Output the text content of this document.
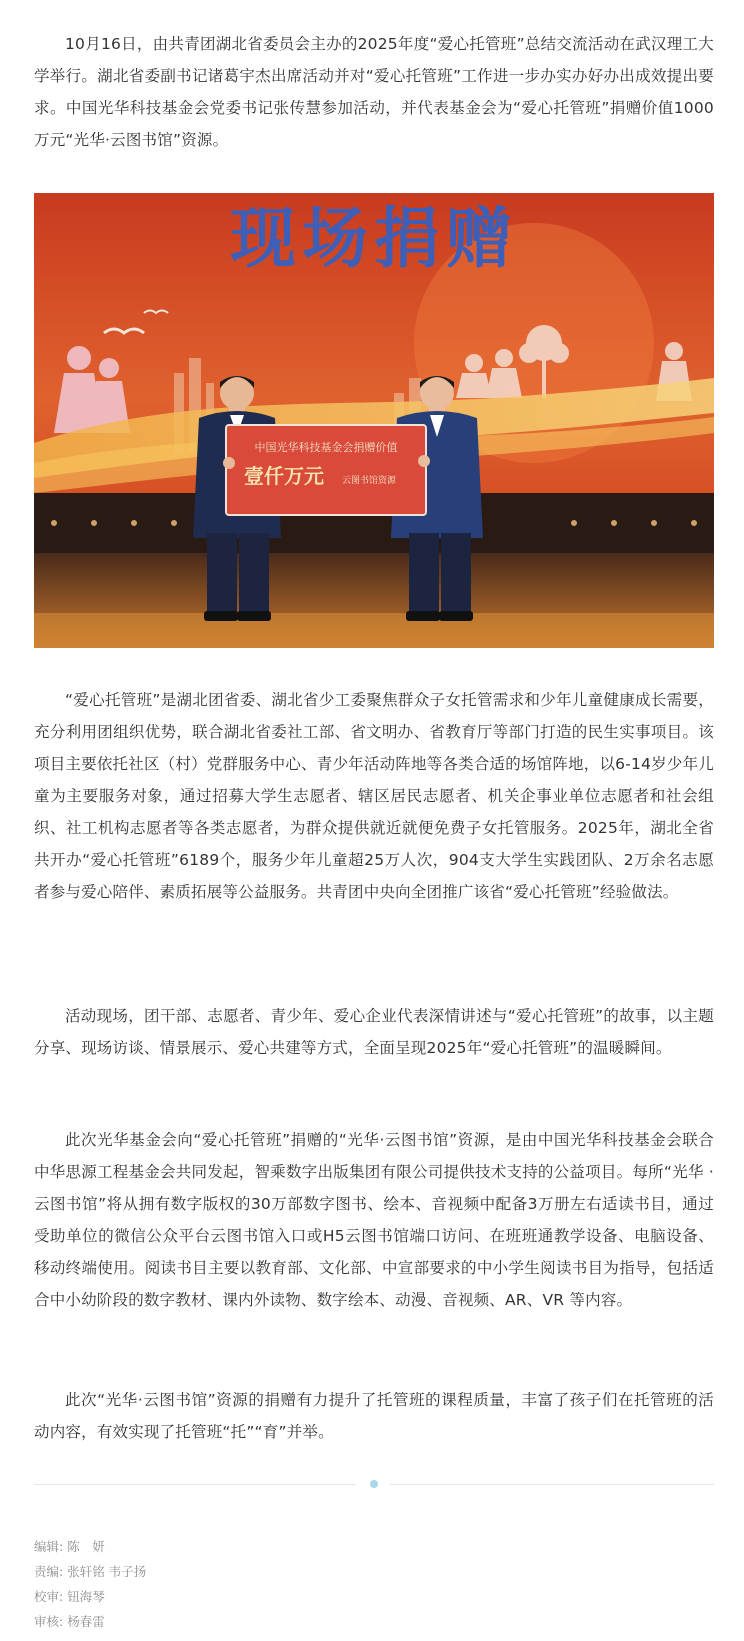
10月16日，由共青团湖北省委员会主办的2025年度“爱心托管班”总结交流活动在武汉理工大学举行。湖北省委副书记诸葛宇杰出席活动并对“爱心托管班”工作进一步办实办好办出成效提出要求。中国光华科技基金会党委书记张传慧参加活动，并代表基金会为“爱心托管班”捐赠价值1000万元“光华·云图书馆”资源。

现场捐赠
中国光华科技基金会捐赠价值
壹仟万元 云图书馆资源

“爱心托管班”是湖北团省委、湖北省少工委聚焦群众子女托管需求和少年儿童健康成长需要，充分利用团组织优势，联合湖北省委社工部、省文明办、省教育厅等部门打造的民生实事项目。该项目主要依托社区（村）党群服务中心、青少年活动阵地等各类合适的场馆阵地，以6-14岁少年儿童为主要服务对象，通过招募大学生志愿者、辖区居民志愿者、机关企事业单位志愿者和社会组织、社工机构志愿者等各类志愿者，为群众提供就近就便免费子女托管服务。2025年，湖北全省共开办“爱心托管班”6189个，服务少年儿童超25万人次，904支大学生实践团队、2万余名志愿者参与爱心陪伴、素质拓展等公益服务。共青团中央向全团推广该省“爱心托管班”经验做法。

活动现场，团干部、志愿者、青少年、爱心企业代表深情讲述与“爱心托管班”的故事，以主题分享、现场访谈、情景展示、爱心共建等方式，全面呈现2025年“爱心托管班”的温暖瞬间。

此次光华基金会向“爱心托管班”捐赠的“光华·云图书馆”资源，是由中国光华科技基金会联合中华思源工程基金会共同发起，智乘数字出版集团有限公司提供技术支持的公益项目。每所“光华 · 云图书馆”将从拥有数字版权的30万部数字图书、绘本、音视频中配备3万册左右适读书目，通过受助单位的微信公众平台云图书馆入口或H5云图书馆端口访问、在班班通教学设备、电脑设备、移动终端使用。阅读书目主要以教育部、文化部、中宣部要求的中小学生阅读书目为指导，包括适合中小幼阶段的数字教材、课内外读物、数字绘本、动漫、音视频、AR、VR 等内容。

此次“光华·云图书馆”资源的捐赠有力提升了托管班的课程质量，丰富了孩子们在托管班的活动内容，有效实现了托管班“托”“育”并举。

编辑: 陈　妍
责编: 张轩铭 韦子扬
校审: 钮海琴
审核: 杨春雷
